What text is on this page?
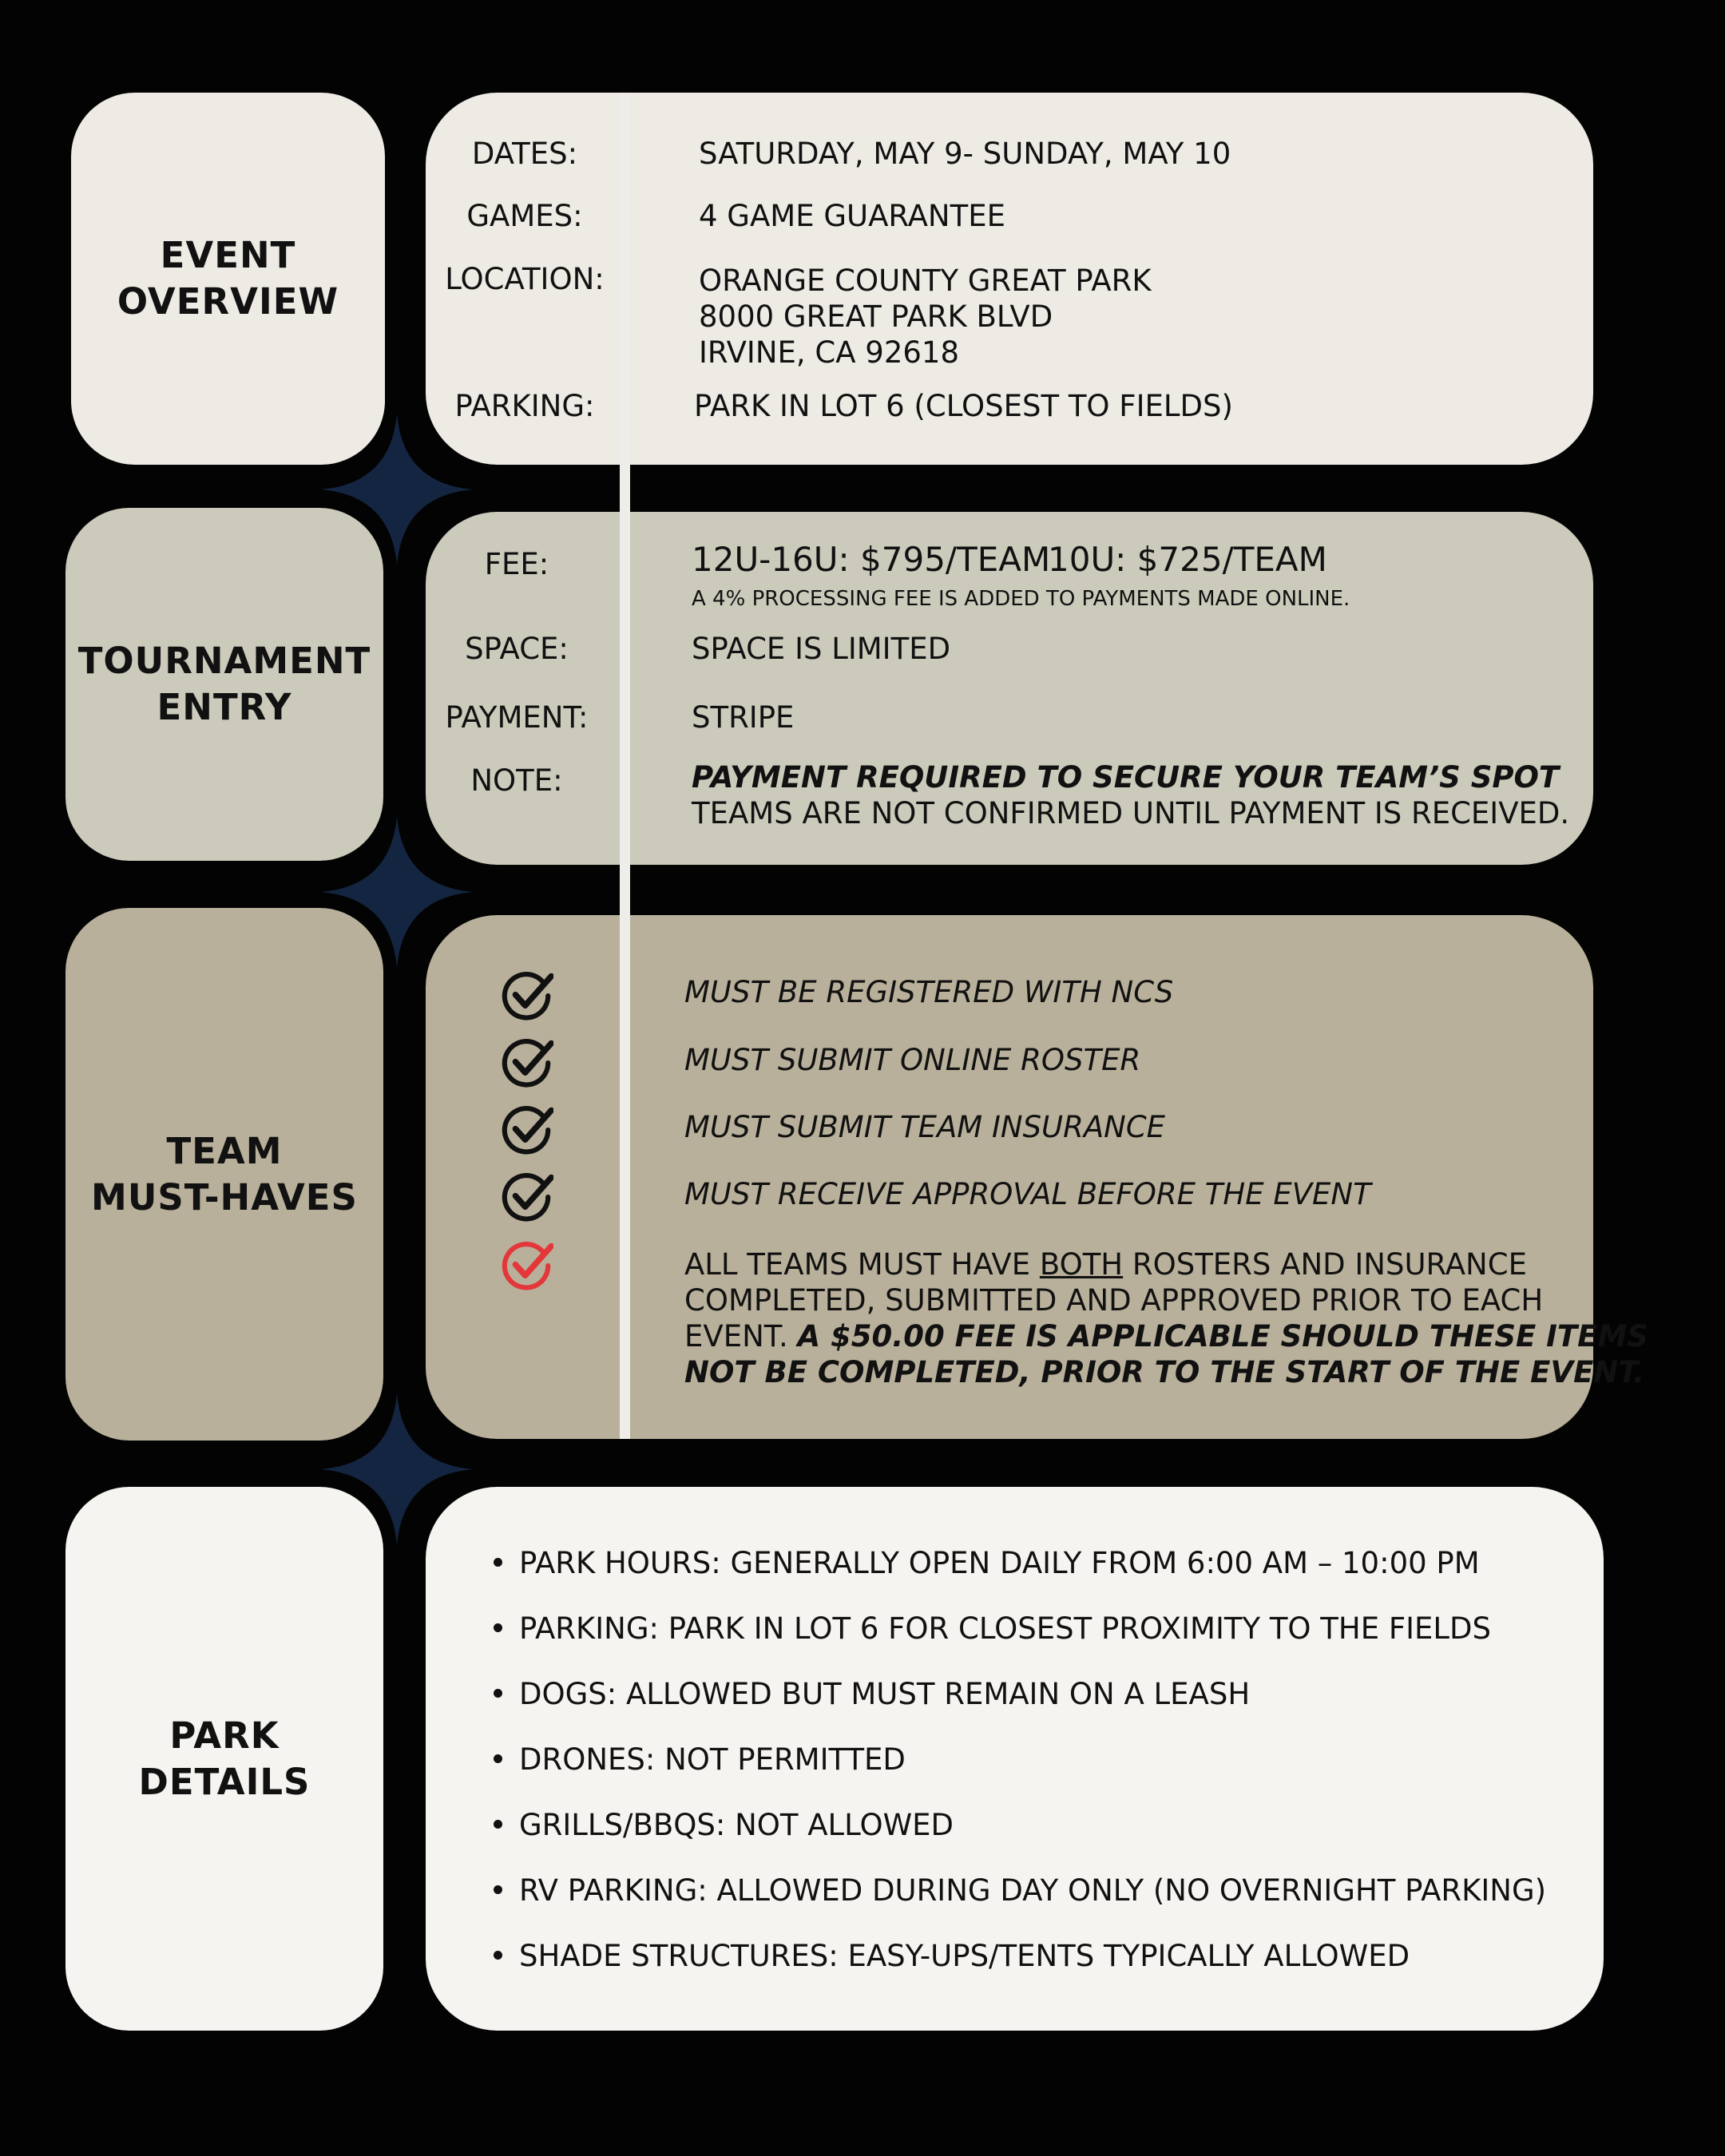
EVENT
OVERVIEW
TOURNAMENT
ENTRY
TEAM
MUST-HAVES
PARK
DETAILS
DATES:	SATURDAY, MAY 9- SUNDAY, MAY 10
GAMES:	4 GAME GUARANTEE
LOCATION:	ORANGE COUNTY GREAT PARK
8000 GREAT PARK BLVD
IRVINE, CA 92618
PARKING:	PARK IN LOT 6 (CLOSEST TO FIELDS)
FEE:	12U-16U: $795/TEAM
10U: $725/TEAM
A 4% PROCESSING FEE IS ADDED TO PAYMENTS MADE ONLINE.
SPACE:	SPACE IS LIMITED
PAYMENT:	STRIPE
NOTE:	PAYMENT REQUIRED TO SECURE YOUR TEAM’S SPOT
TEAMS ARE NOT CONFIRMED UNTIL PAYMENT IS RECEIVED.
MUST BE REGISTERED WITH NCS
MUST SUBMIT ONLINE ROSTER
MUST SUBMIT TEAM INSURANCE
MUST RECEIVE APPROVAL BEFORE THE EVENT
ALL TEAMS MUST HAVE BOTH ROSTERS AND INSURANCE
COMPLETED, SUBMITTED AND APPROVED PRIOR TO EACH
EVENT. A $50.00 FEE IS APPLICABLE SHOULD THESE ITEMS
NOT BE COMPLETED, PRIOR TO THE START OF THE EVENT.
PARK HOURS: GENERALLY OPEN DAILY FROM 6:00 AM – 10:00 PM
PARKING: PARK IN LOT 6 FOR CLOSEST PROXIMITY TO THE FIELDS
DOGS: ALLOWED BUT MUST REMAIN ON A LEASH
DRONES: NOT PERMITTED
GRILLS/BBQS: NOT ALLOWED
RV PARKING: ALLOWED DURING DAY ONLY (NO OVERNIGHT PARKING)
SHADE STRUCTURES: EASY-UPS/TENTS TYPICALLY ALLOWED
